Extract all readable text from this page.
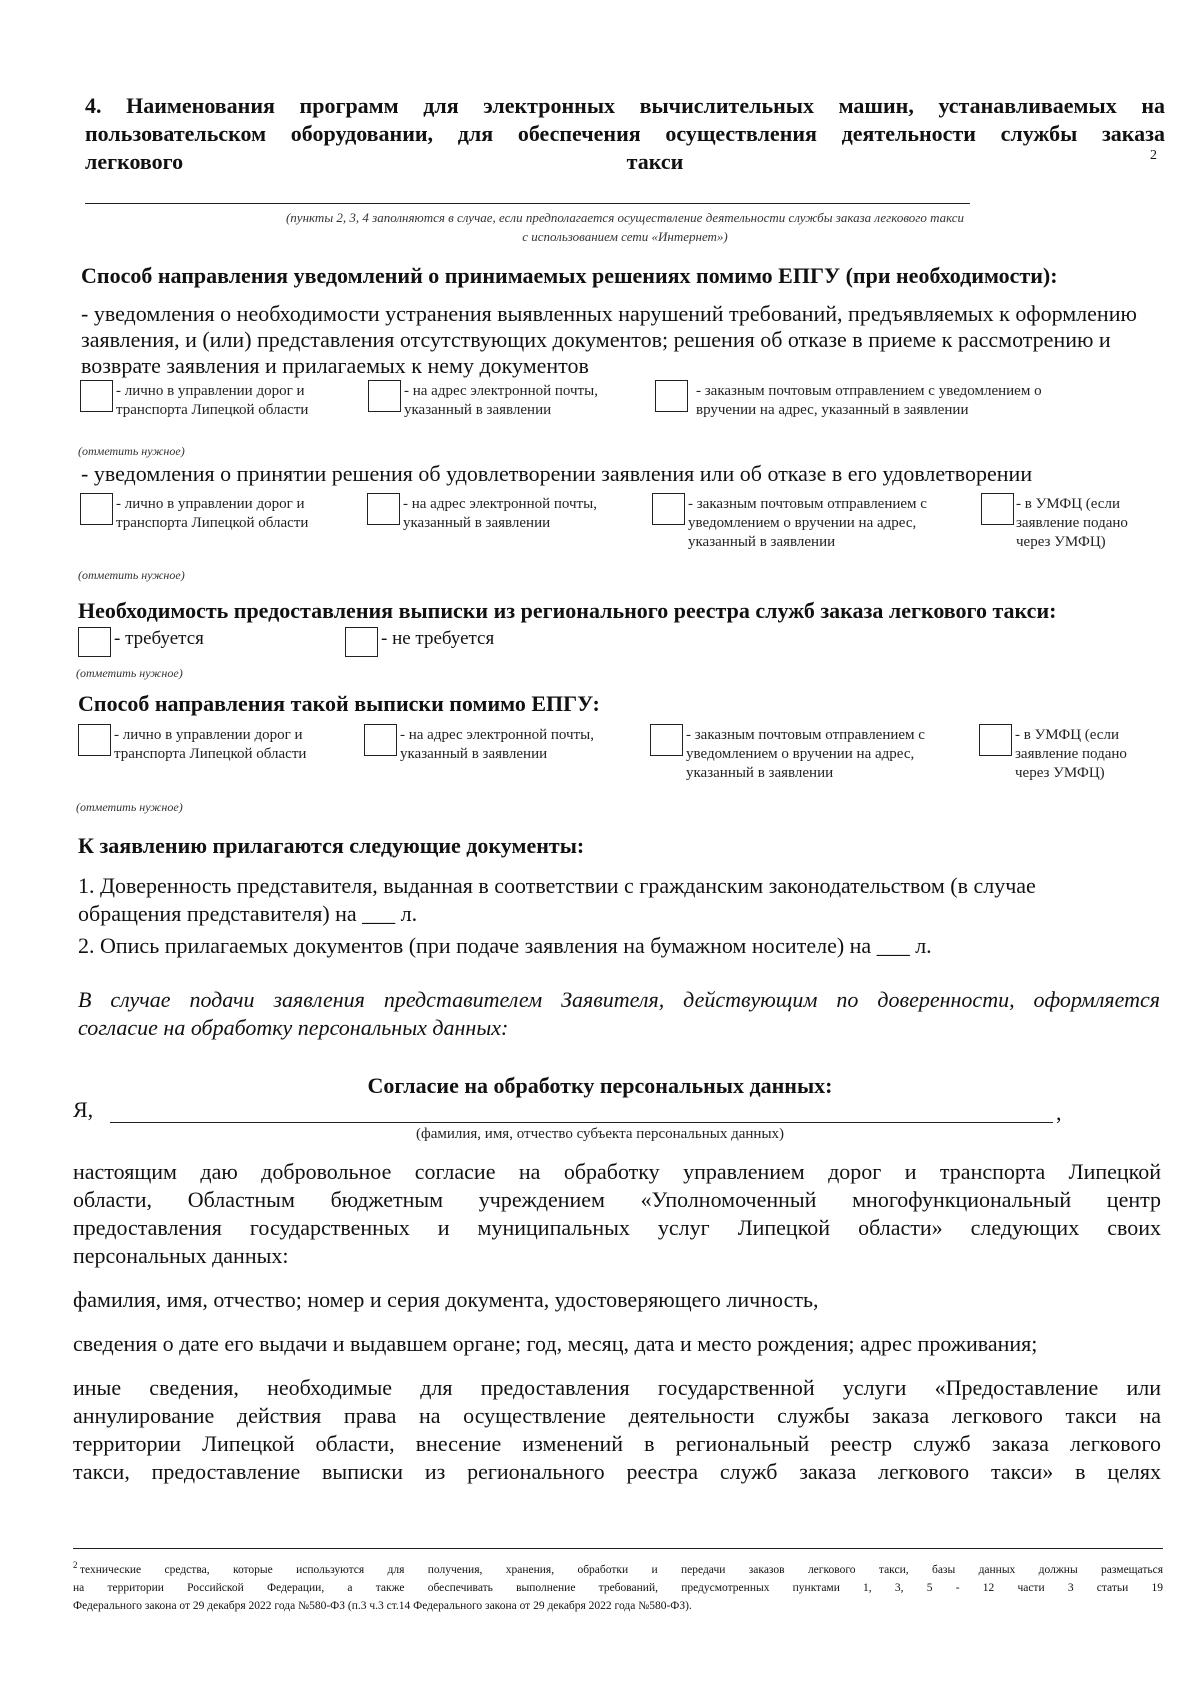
4. Наименования программ для электронных вычислительных машин, устанавливаемых на
пользовательском оборудовании, для обеспечения осуществления деятельности службы заказа
легкового	такси	2
(пункты 2, 3, 4 заполняются в случае, если предполагается осуществление деятельности службы заказа легкового такси
с использованием сети «Интернет»)
Способ направления уведомлений о принимаемых решениях помимо ЕПГУ (при необходимости):
- уведомления о необходимости устранения выявленных нарушений требований, предъявляемых к оформлению
заявления, и (или) представления отсутствующих документов; решения об отказе в приеме к рассмотрению и
возврате заявления и прилагаемых к нему документов
- лично в управлении дорог и
транспорта Липецкой области
- на адрес электронной почты,
указанный в заявлении
- заказным почтовым отправлением с уведомлением о
вручении на адрес, указанный в заявлении
(отметить нужное)
- уведомления о принятии решения об удовлетворении заявления или об отказе в его удовлетворении
- лично в управлении дорог и
транспорта Липецкой области
- на адрес электронной почты,
указанный в заявлении
- заказным почтовым отправлением с
уведомлением о вручении на адрес,
указанный в заявлении
- в УМФЦ (если
заявление подано
через УМФЦ)
(отметить нужное)
Необходимость предоставления выписки из регионального реестра служб заказа легкового такси:
- требуется	- не требуется
(отметить нужное)
Способ направления такой выписки помимо ЕПГУ:
- лично в управлении дорог и
транспорта Липецкой области
- на адрес электронной почты,
указанный в заявлении
- заказным почтовым отправлением с
уведомлением о вручении на адрес,
указанный в заявлении
- в УМФЦ (если
заявление подано
через УМФЦ)
(отметить нужное)
К заявлению прилагаются следующие документы:
1. Доверенность представителя, выданная в соответствии с гражданским законодательством (в случае
обращения представителя) на ___ л.
2. Опись прилагаемых документов (при подаче заявления на бумажном носителе) на ___ л.
В случае подачи заявления представителем Заявителя, действующим по доверенности, оформляется
согласие на обработку персональных данных:
Согласие на обработку персональных данных:
Я,	,
(фамилия, имя, отчество субъекта персональных данных)
настоящим даю добровольное согласие на обработку управлением дорог и транспорта Липецкой
области, Областным бюджетным учреждением «Уполномоченный многофункциональный центр
предоставления государственных и муниципальных услуг Липецкой области» следующих своих
персональных данных:
фамилия, имя, отчество; номер и серия документа, удостоверяющего личность,
сведения о дате его выдачи и выдавшем органе; год, месяц, дата и место рождения; адрес проживания;
иные сведения, необходимые для предоставления государственной услуги «Предоставление или
аннулирование действия права на осуществление деятельности службы заказа легкового такси на
территории Липецкой области, внесение изменений в региональный реестр служб заказа легкового
такси, предоставление выписки из регионального реестра служб заказа легкового такси» в целях
2 технические средства, которые используются для получения, хранения, обработки и передачи заказов легкового такси, базы данных должны размещаться
на территории Российской Федерации, а также обеспечивать выполнение требований, предусмотренных пунктами 1, 3, 5 - 12 части 3 статьи 19
Федерального закона от 29 декабря 2022 года №580-ФЗ (п.3 ч.3 ст.14 Федерального закона от 29 декабря 2022 года №580-ФЗ).
